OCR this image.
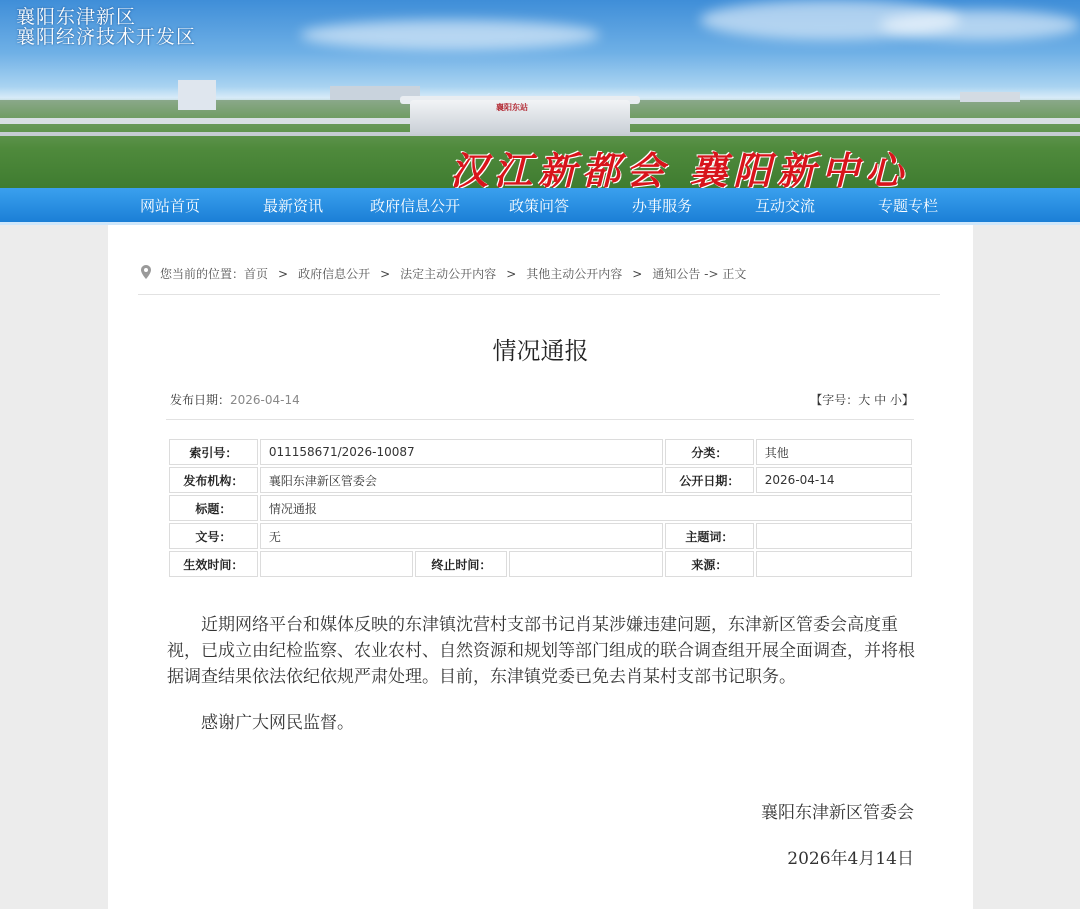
襄阳东站
襄阳东津新区
襄阳经济技术开发区
汉江新都会 襄阳新中心
网站首页	最新资讯	政府信息公开	政策问答	办事服务	互动交流	专题专栏
您当前的位置：首页 > 政府信息公开 > 法定主动公开内容 > 其他主动公开内容 > 通知公告 -> 正文
情况通报
发布日期：2026-04-14	【字号：大 中 小】
索引号：	011158671/2026-10087			分类：	其他
发布机构：	襄阳东津新区管委会			公开日期：	2026-04-14
标题：	情况通报				
文号：	无			主题词：	
生效时间：		终止时间：		来源：	

近期网络平台和媒体反映的东津镇沈营村支部书记肖某涉嫌违建问题，东津新区管委会高度重视，已成立由纪检监察、农业农村、自然资源和规划等部门组成的联合调查组开展全面调查，并将根据调查结果依法依纪依规严肃处理。目前，东津镇党委已免去肖某村支部书记职务。

感谢广大网民监督。

襄阳东津新区管委会
2026年4月14日
